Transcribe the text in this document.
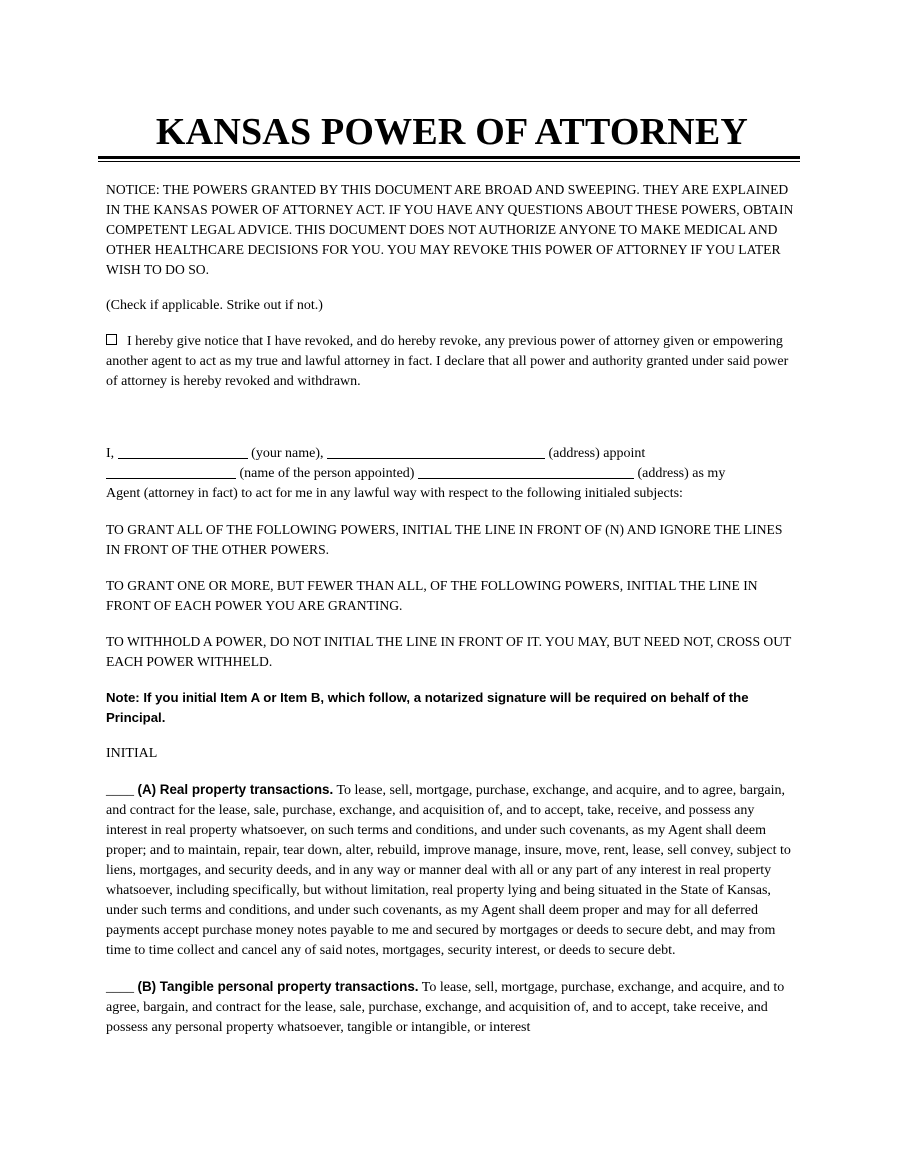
KANSAS POWER OF ATTORNEY

NOTICE: THE POWERS GRANTED BY THIS DOCUMENT ARE BROAD AND SWEEPING. THEY ARE EXPLAINED IN THE KANSAS POWER OF ATTORNEY ACT. IF YOU HAVE ANY QUESTIONS ABOUT THESE POWERS, OBTAIN COMPETENT LEGAL ADVICE. THIS DOCUMENT DOES NOT AUTHORIZE ANYONE TO MAKE MEDICAL AND OTHER HEALTHCARE DECISIONS FOR YOU. YOU MAY REVOKE THIS POWER OF ATTORNEY IF YOU LATER WISH TO DO SO.

(Check if applicable. Strike out if not.)

I hereby give notice that I have revoked, and do hereby revoke, any previous power of attorney given or empowering another agent to act as my true and lawful attorney in fact. I declare that all power and authority granted under said power of attorney is hereby revoked and withdrawn.

I,	(your name),	(address) appoint
(name of the person appointed)	(address) as my
Agent (attorney in fact) to act for me in any lawful way with respect to the following initialed subjects:

TO GRANT ALL OF THE FOLLOWING POWERS, INITIAL THE LINE IN FRONT OF (N) AND IGNORE THE LINES IN FRONT OF THE OTHER POWERS.

TO GRANT ONE OR MORE, BUT FEWER THAN ALL, OF THE FOLLOWING POWERS, INITIAL THE LINE IN FRONT OF EACH POWER YOU ARE GRANTING.

TO WITHHOLD A POWER, DO NOT INITIAL THE LINE IN FRONT OF IT. YOU MAY, BUT NEED NOT, CROSS OUT EACH POWER WITHHELD.

Note: If you initial Item A or Item B, which follow, a notarized signature will be required on behalf of the Principal.

INITIAL

____ (A) Real property transactions. To lease, sell, mortgage, purchase, exchange, and acquire, and to agree, bargain, and contract for the lease, sale, purchase, exchange, and acquisition of, and to accept, take, receive, and possess any interest in real property whatsoever, on such terms and conditions, and under such covenants, as my Agent shall deem proper; and to maintain, repair, tear down, alter, rebuild, improve manage, insure, move, rent, lease, sell convey, subject to liens, mortgages, and security deeds, and in any way or manner deal with all or any part of any interest in real property whatsoever, including specifically, but without limitation, real property lying and being situated in the State of Kansas, under such terms and conditions, and under such covenants, as my Agent shall deem proper and may for all deferred payments accept purchase money notes payable to me and secured by mortgages or deeds to secure debt, and may from time to time collect and cancel any of said notes, mortgages, security interest, or deeds to secure debt.

____ (B) Tangible personal property transactions. To lease, sell, mortgage, purchase, exchange, and acquire, and to agree, bargain, and contract for the lease, sale, purchase, exchange, and acquisition of, and to accept, take receive, and possess any personal property whatsoever, tangible or intangible, or interest
